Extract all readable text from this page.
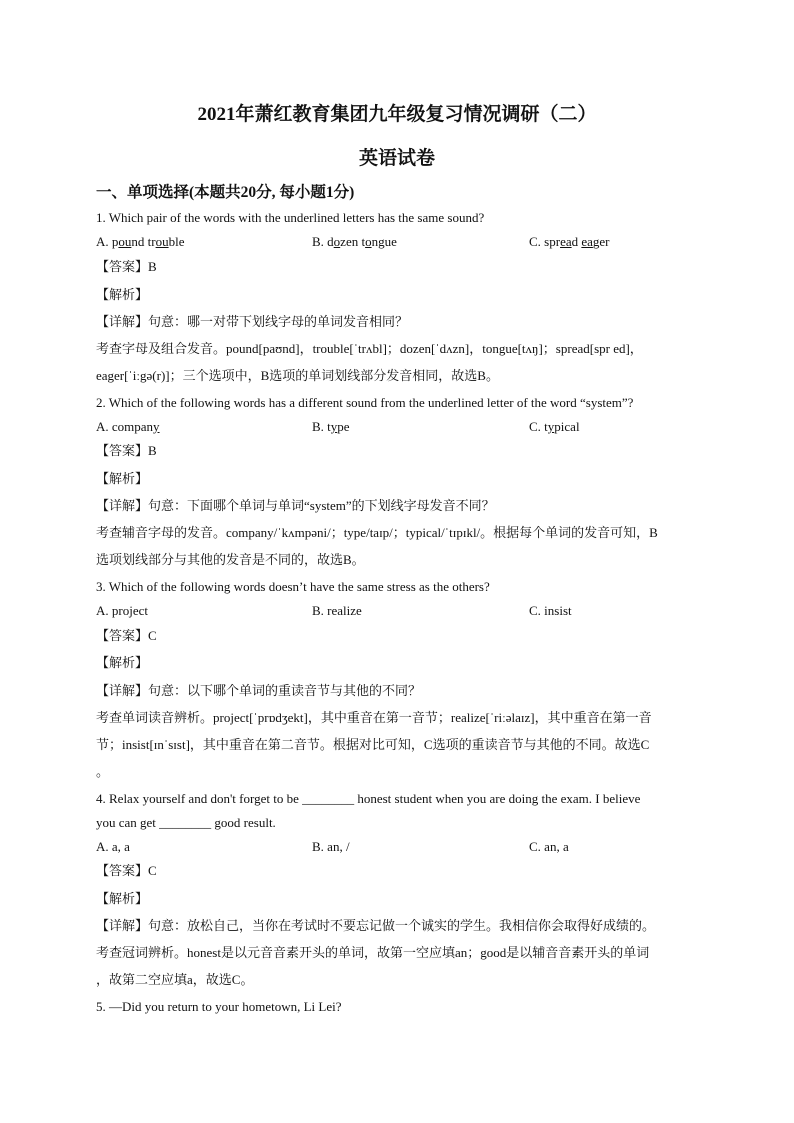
2021年萧红教育集团九年级复习情况调研（二）
英语试卷
一、单项选择(本题共20分, 每小题1分)
1. Which pair of the words with the underlined letters has the same sound?
A. pound trouble	B. dozen tongue	C. spread eager
【答案】B
【解析】
【详解】句意：哪一对带下划线字母的单词发音相同？
考查字母及组合发音。pound[paʊnd]，trouble[ˈtrʌbl]；dozen[ˈdʌzn]，tongue[tʌŋ]；spread[spr ed]，
eager[ˈiːgə(r)]；三个选项中，B选项的单词划线部分发音相同，故选B。
2. Which of the following words has a different sound from the underlined letter of the word “system”?
A. company	B. type	C. typical
【答案】B
【解析】
【详解】句意：下面哪个单词与单词“system”的下划线字母发音不同？
考查辅音字母的发音。company/ˈkʌmpəni/；type/taɪp/；typical/ˈtɪpɪkl/。根据每个单词的发音可知，B
选项划线部分与其他的发音是不同的，故选B。
3. Which of the following words doesn’t have the same stress as the others?
A. project	B. realize	C. insist
【答案】C
【解析】
【详解】句意：以下哪个单词的重读音节与其他的不同？
考查单词读音辨析。project[ˈprɒdʒekt]，其中重音在第一音节；realize[ˈriːəlaɪz]，其中重音在第一音
节；insist[ɪnˈsɪst]，其中重音在第二音节。根据对比可知，C选项的重读音节与其他的不同。故选C
。
4. Relax yourself and don't forget to be ________ honest student when you are doing the exam. I believe
you can get ________ good result.
A. a, a	B. an, /	C. an, a
【答案】C
【解析】
【详解】句意：放松自己，当你在考试时不要忘记做一个诚实的学生。我相信你会取得好成绩的。
考查冠词辨析。honest是以元音音素开头的单词，故第一空应填an；good是以辅音音素开头的单词
，故第二空应填a，故选C。
5. —Did you return to your hometown, Li Lei?
